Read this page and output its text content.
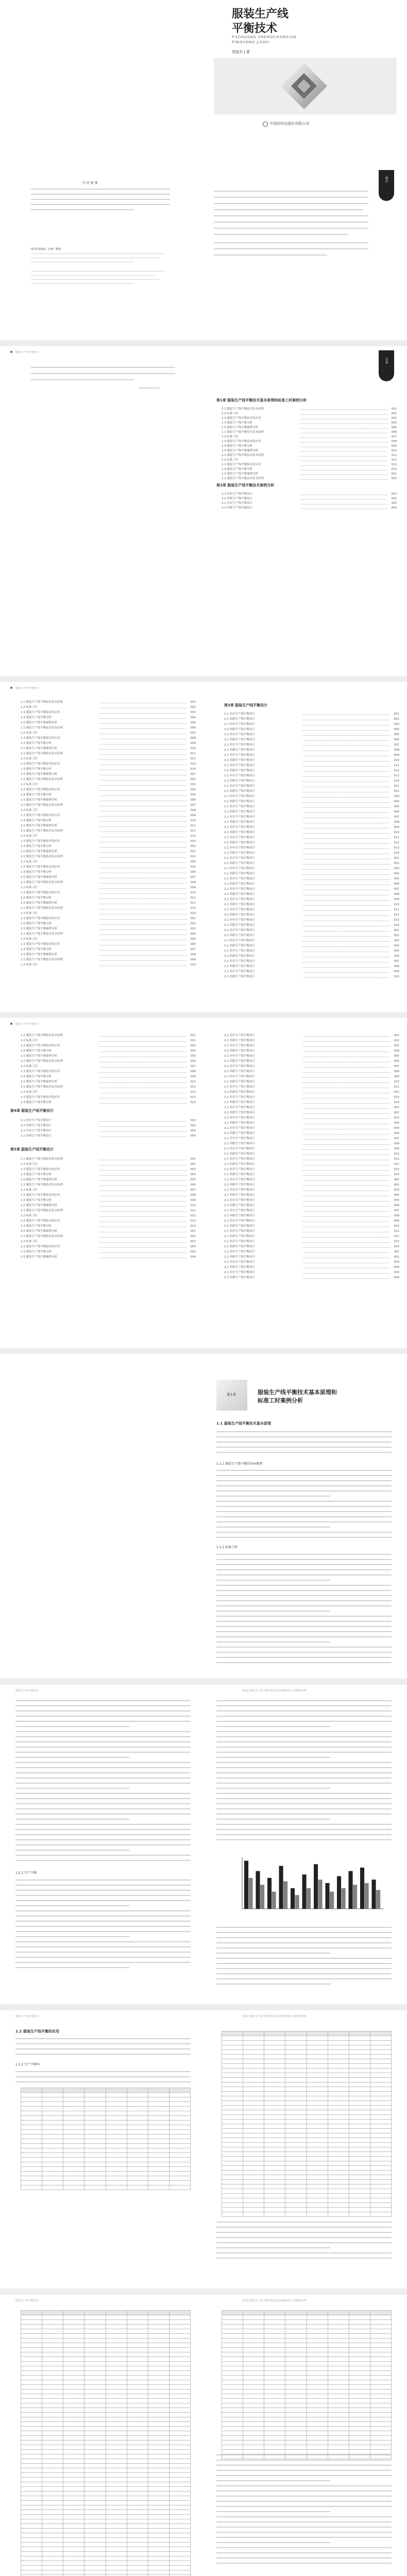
服装生产线
平衡技术
FUZHUANG SHENGCHANXIAN
PINGHENG JISHU
郑俊杰 | 著
中国纺织出版社有限公司
前言
内 容 提 要
图书在版编目（CIP）数据
服装生产线平衡技术
目录
第1章 服装生产线平衡技术基本原理和标准工时案例分析
1.1 服装生产线平衡技术基本原理	001
1.2 标准工时	002
1.3 服装生产线平衡技术的应用	003
1.4 服装生产线平衡分析	004
1.5 服装生产线平衡案例分析	005
1.1 服装生产线平衡技术基本原理	006
1.2 标准工时	007
1.3 服装生产线平衡技术的应用	008
1.4 服装生产线平衡分析	009
1.5 服装生产线平衡案例分析	010
1.1 服装生产线平衡技术基本原理	011
1.2 标准工时	012
1.3 服装生产线平衡技术的应用	013
1.4 服装生产线平衡分析	014
1.5 服装生产线平衡案例分析	001
1.1 服装生产线平衡技术基本原理	002
第2章 服装生产线平衡技术案例分析
2.1 衬衫生产线平衡设计	001
2.2 西裤生产线平衡设计	002
2.1 衬衫生产线平衡设计	003
2.2 西裤生产线平衡设计	004
服装生产线平衡技术
第3章 服装生产线平衡设计
1.1 服装生产线平衡技术基本原理	001
1.2 标准工时	002
1.3 服装生产线平衡技术的应用	003
1.4 服装生产线平衡分析	004
1.5 服装生产线平衡案例分析	005
1.1 服装生产线平衡技术基本原理	006
1.2 标准工时	007
1.3 服装生产线平衡技术的应用	008
1.4 服装生产线平衡分析	009
1.5 服装生产线平衡案例分析	010
1.1 服装生产线平衡技术基本原理	011
1.2 标准工时	012
1.3 服装生产线平衡技术的应用	013
1.4 服装生产线平衡分析	014
1.5 服装生产线平衡案例分析	001
1.1 服装生产线平衡技术基本原理	002
1.2 标准工时	003
1.3 服装生产线平衡技术的应用	004
1.4 服装生产线平衡分析	005
1.5 服装生产线平衡案例分析	006
1.1 服装生产线平衡技术基本原理	007
1.2 标准工时	008
1.3 服装生产线平衡技术的应用	009
1.4 服装生产线平衡分析	010
1.5 服装生产线平衡案例分析	011
1.1 服装生产线平衡技术基本原理	012
1.2 标准工时	013
1.3 服装生产线平衡技术的应用	014
1.4 服装生产线平衡分析	001
1.5 服装生产线平衡案例分析	002
1.1 服装生产线平衡技术基本原理	003
1.2 标准工时	004
1.3 服装生产线平衡技术的应用	005
1.4 服装生产线平衡分析	006
1.5 服装生产线平衡案例分析	007
1.1 服装生产线平衡技术基本原理	008
1.2 标准工时	009
1.3 服装生产线平衡技术的应用	010
1.4 服装生产线平衡分析	011
1.5 服装生产线平衡案例分析	012
1.1 服装生产线平衡技术基本原理	013
1.2 标准工时	014
1.3 服装生产线平衡技术的应用	001
1.4 服装生产线平衡分析	002
1.5 服装生产线平衡案例分析	003
1.1 服装生产线平衡技术基本原理	004
1.2 标准工时	005
1.3 服装生产线平衡技术的应用	006
1.4 服装生产线平衡分析	007
1.5 服装生产线平衡案例分析	008
1.1 服装生产线平衡技术基本原理	009
1.2 标准工时	010
2.1 衬衫生产线平衡设计	001
2.2 西裤生产线平衡设计	002
2.1 衬衫生产线平衡设计	003
2.2 西裤生产线平衡设计	004
2.1 衬衫生产线平衡设计	005
2.2 西裤生产线平衡设计	006
2.1 衬衫生产线平衡设计	007
2.2 西裤生产线平衡设计	008
2.1 衬衫生产线平衡设计	009
2.2 西裤生产线平衡设计	010
2.1 衬衫生产线平衡设计	011
2.2 西裤生产线平衡设计	012
2.1 衬衫生产线平衡设计	013
2.2 西裤生产线平衡设计	014
2.1 衬衫生产线平衡设计	001
2.2 西裤生产线平衡设计	002
2.1 衬衫生产线平衡设计	003
2.2 西裤生产线平衡设计	004
2.1 衬衫生产线平衡设计	005
2.2 西裤生产线平衡设计	006
2.1 衬衫生产线平衡设计	007
2.2 西裤生产线平衡设计	008
2.1 衬衫生产线平衡设计	009
2.2 西裤生产线平衡设计	010
2.1 衬衫生产线平衡设计	011
2.2 西裤生产线平衡设计	012
2.1 衬衫生产线平衡设计	013
2.2 西裤生产线平衡设计	014
2.1 衬衫生产线平衡设计	001
2.2 西裤生产线平衡设计	002
2.1 衬衫生产线平衡设计	003
2.2 西裤生产线平衡设计	004
2.1 衬衫生产线平衡设计	005
2.2 西裤生产线平衡设计	006
2.1 衬衫生产线平衡设计	007
2.2 西裤生产线平衡设计	008
2.1 衬衫生产线平衡设计	009
2.2 西裤生产线平衡设计	010
2.1 衬衫生产线平衡设计	011
2.2 西裤生产线平衡设计	012
2.1 衬衫生产线平衡设计	013
2.2 西裤生产线平衡设计	014
2.1 衬衫生产线平衡设计	001
2.2 西裤生产线平衡设计	002
2.1 衬衫生产线平衡设计	003
2.2 西裤生产线平衡设计	004
2.1 衬衫生产线平衡设计	005
2.2 西裤生产线平衡设计	006
2.1 衬衫生产线平衡设计	007
2.2 西裤生产线平衡设计	008
2.1 衬衫生产线平衡设计	009
2.2 西裤生产线平衡设计	010
服装生产线平衡技术
第4章 服装生产线平衡设计
第5章 服装生产线平衡设计
1.1 服装生产线平衡技术基本原理	001
1.2 标准工时	002
1.3 服装生产线平衡技术的应用	003
1.4 服装生产线平衡分析	004
1.5 服装生产线平衡案例分析	005
1.1 服装生产线平衡技术基本原理	006
1.2 标准工时	007
1.3 服装生产线平衡技术的应用	008
1.4 服装生产线平衡分析	009
1.5 服装生产线平衡案例分析	010
1.1 服装生产线平衡技术基本原理	011
1.2 标准工时	012
1.3 服装生产线平衡技术的应用	013
1.4 服装生产线平衡分析	014
2.1 衬衫生产线平衡设计	001
2.2 西裤生产线平衡设计	002
2.1 衬衫生产线平衡设计	003
2.2 西裤生产线平衡设计	004
1.1 服装生产线平衡技术基本原理	001
1.2 标准工时	002
1.3 服装生产线平衡技术的应用	003
1.4 服装生产线平衡分析	004
1.5 服装生产线平衡案例分析	005
1.1 服装生产线平衡技术基本原理	006
1.2 标准工时	007
1.3 服装生产线平衡技术的应用	008
1.4 服装生产线平衡分析	009
1.5 服装生产线平衡案例分析	010
1.1 服装生产线平衡技术基本原理	011
1.2 标准工时	012
1.3 服装生产线平衡技术的应用	013
1.4 服装生产线平衡分析	014
1.5 服装生产线平衡案例分析	001
1.1 服装生产线平衡技术基本原理	002
1.2 标准工时	003
1.3 服装生产线平衡技术的应用	004
1.4 服装生产线平衡分析	005
1.5 服装生产线平衡案例分析	006
2.1 衬衫生产线平衡设计	001
2.2 西裤生产线平衡设计	002
2.1 衬衫生产线平衡设计	003
2.2 西裤生产线平衡设计	004
2.1 衬衫生产线平衡设计	005
2.2 西裤生产线平衡设计	006
2.1 衬衫生产线平衡设计	007
2.2 西裤生产线平衡设计	008
2.1 衬衫生产线平衡设计	009
2.2 西裤生产线平衡设计	010
2.1 衬衫生产线平衡设计	011
2.2 西裤生产线平衡设计	012
2.1 衬衫生产线平衡设计	013
2.2 西裤生产线平衡设计	014
2.1 衬衫生产线平衡设计	001
2.2 西裤生产线平衡设计	002
2.1 衬衫生产线平衡设计	003
2.2 西裤生产线平衡设计	004
2.1 衬衫生产线平衡设计	005
2.2 西裤生产线平衡设计	006
2.1 衬衫生产线平衡设计	007
2.2 西裤生产线平衡设计	008
2.1 衬衫生产线平衡设计	009
2.2 西裤生产线平衡设计	010
2.1 衬衫生产线平衡设计	011
2.2 西裤生产线平衡设计	012
2.1 衬衫生产线平衡设计	013
2.2 西裤生产线平衡设计	014
2.1 衬衫生产线平衡设计	001
2.2 西裤生产线平衡设计	002
2.1 衬衫生产线平衡设计	003
2.2 西裤生产线平衡设计	004
2.1 衬衫生产线平衡设计	005
2.2 西裤生产线平衡设计	006
2.1 衬衫生产线平衡设计	007
2.2 西裤生产线平衡设计	008
2.1 衬衫生产线平衡设计	009
2.2 西裤生产线平衡设计	010
2.1 衬衫生产线平衡设计	011
2.2 西裤生产线平衡设计	012
2.1 衬衫生产线平衡设计	013
2.2 西裤生产线平衡设计	014
2.1 衬衫生产线平衡设计	001
2.2 西裤生产线平衡设计	002
2.1 衬衫生产线平衡设计	003
2.2 西裤生产线平衡设计	004
2.1 衬衫生产线平衡设计	005
2.2 西裤生产线平衡设计	006
第1章	服装生产线平衡技术基本原理和
标准工时案例分析
1.1 服装生产线平衡技术基本原理
1.1.1 服装生产线平衡的基本原理
1.1.2 标准工时
服装生产线平衡技术	第1章 服装生产线平衡技术基本原理和标准工时案例分析
1.2.1 生产平衡
服装生产线平衡技术	第1章 服装生产线平衡技术基本原理和标准工时案例分析
1.2 服装生产线平衡的应用
1.2.2 生产平衡率

服装生产线平衡技术	第1章 服装生产线平衡技术基本原理和标准工时案例分析
